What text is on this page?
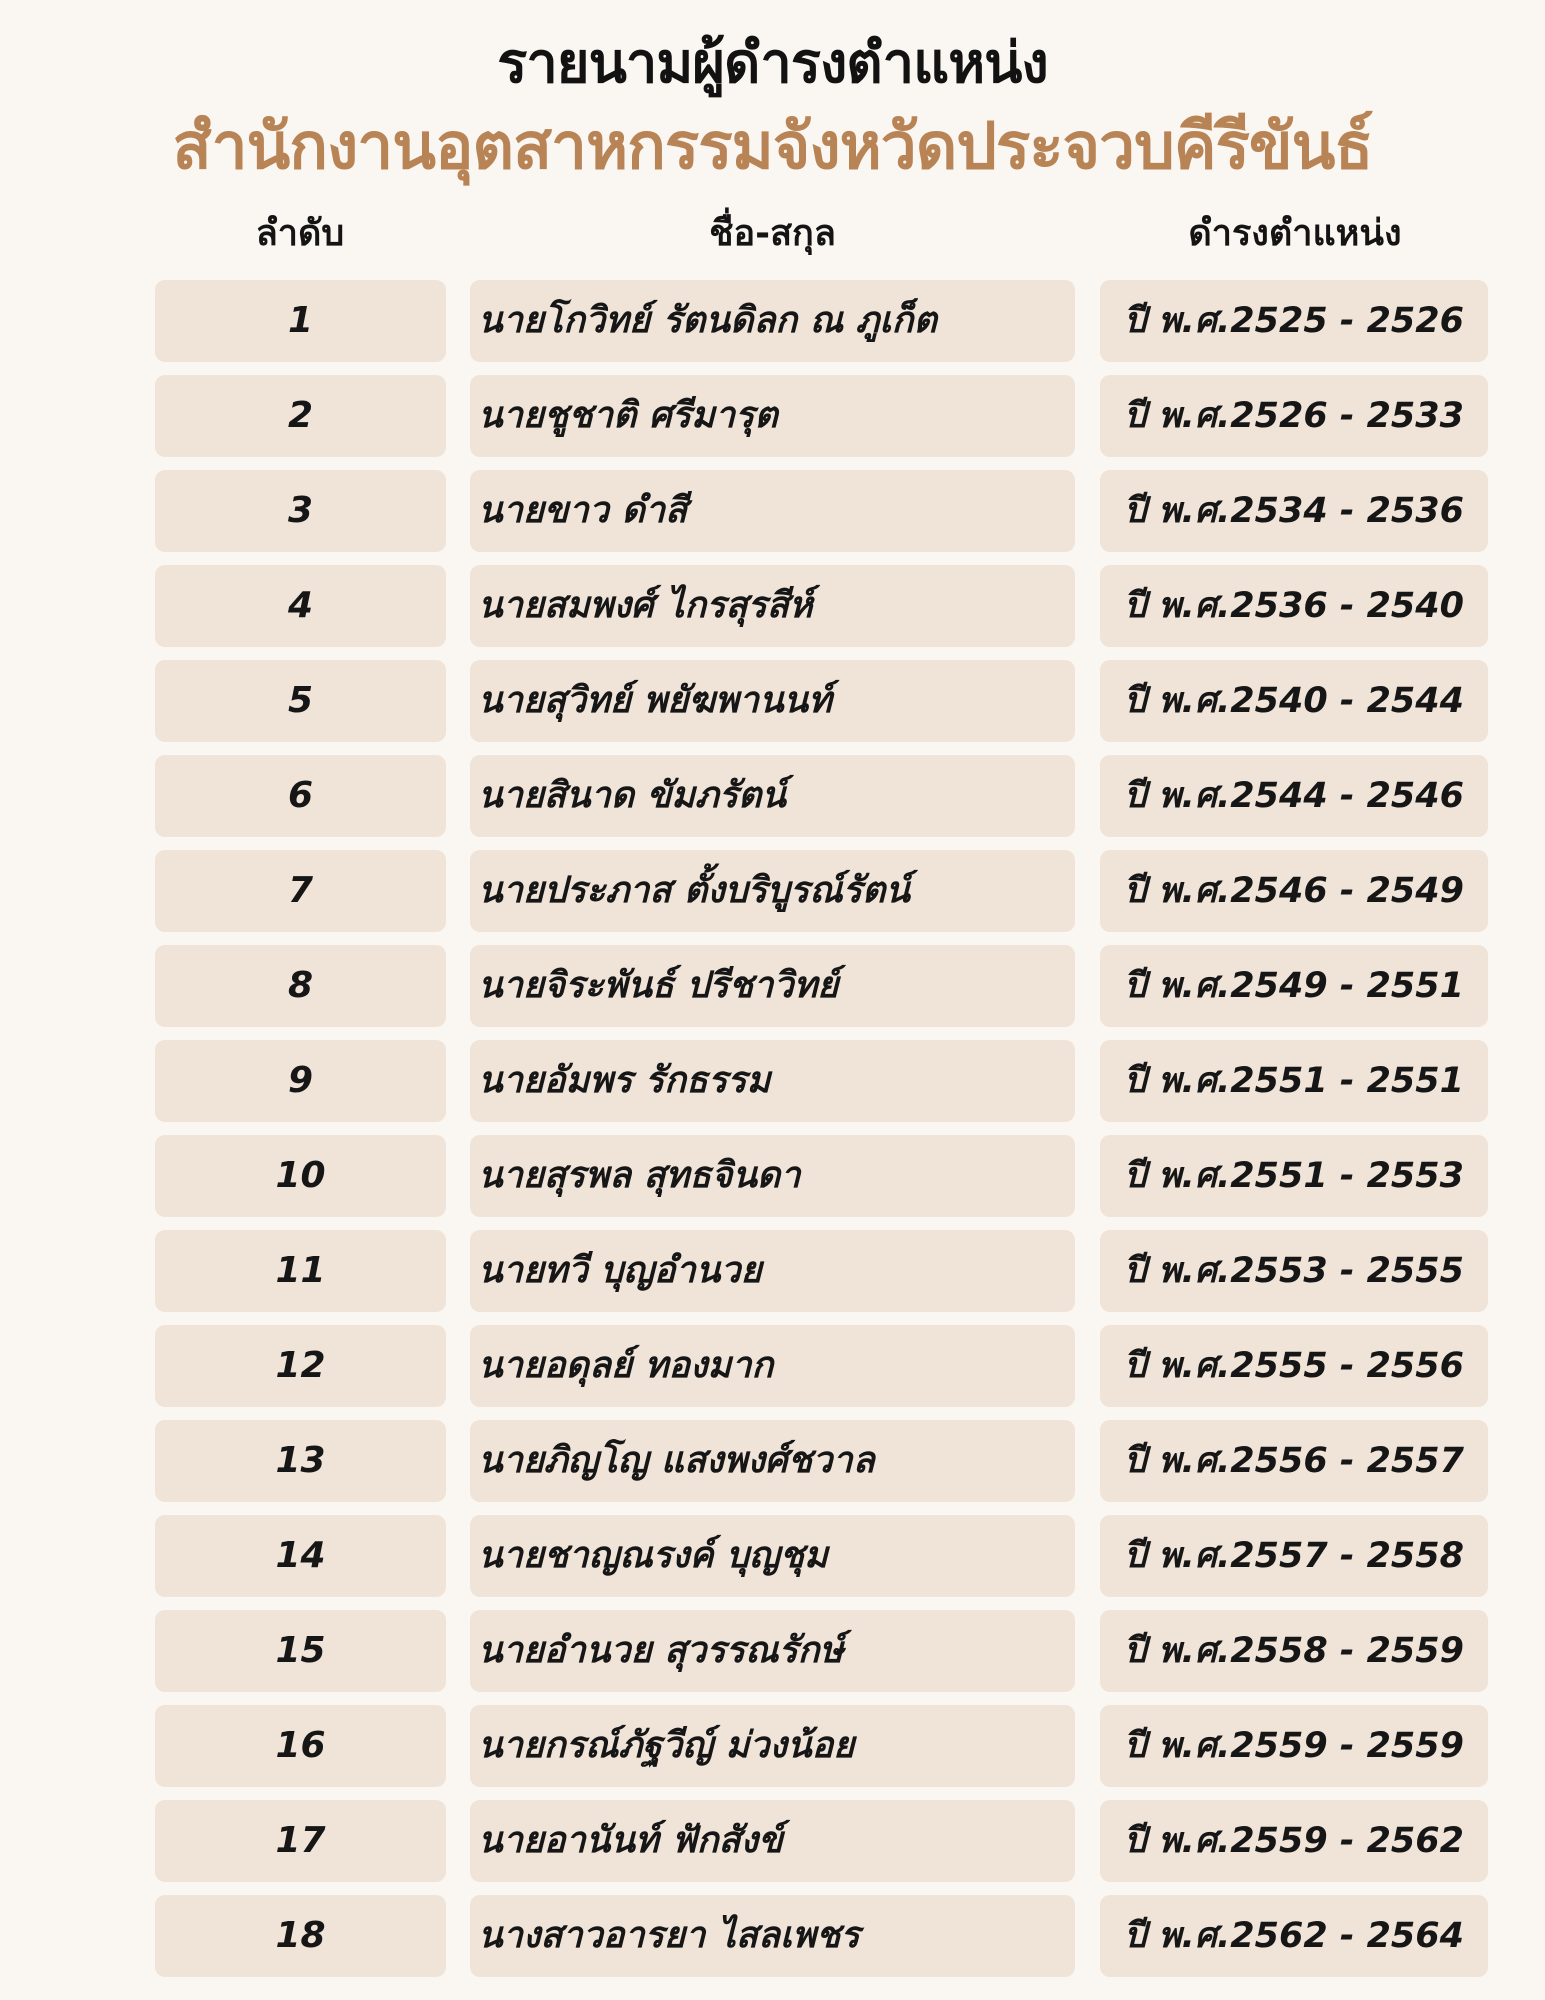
รายนามผู้ดำรงตำแหน่ง
สำนักงานอุตสาหกรรมจังหวัดประจวบคีรีขันธ์
ลำดับ	ชื่อ-สกุล	ดำรงตำแหน่ง
1	นายโกวิทย์ รัตนดิลก ณ ภูเก็ต	ปี พ.ศ.2525 - 2526
2	นายชูชาติ ศรีมารุต	ปี พ.ศ.2526 - 2533
3	นายขาว ดำสี	ปี พ.ศ.2534 - 2536
4	นายสมพงศ์ ไกรสุรสีห์	ปี พ.ศ.2536 - 2540
5	นายสุวิทย์ พยัฆพานนท์	ปี พ.ศ.2540 - 2544
6	นายสินาด ขัมภรัตน์	ปี พ.ศ.2544 - 2546
7	นายประภาส ตั้งบริบูรณ์รัตน์	ปี พ.ศ.2546 - 2549
8	นายจิระพันธ์ ปรีชาวิทย์	ปี พ.ศ.2549 - 2551
9	นายอัมพร รักธรรม	ปี พ.ศ.2551 - 2551
10	นายสุรพล สุทธจินดา	ปี พ.ศ.2551 - 2553
11	นายทวี บุญอำนวย	ปี พ.ศ.2553 - 2555
12	นายอดุลย์ ทองมาก	ปี พ.ศ.2555 - 2556
13	นายภิญโญ แสงพงศ์ชวาล	ปี พ.ศ.2556 - 2557
14	นายชาญณรงค์ บุญชุม	ปี พ.ศ.2557 - 2558
15	นายอำนวย สุวรรณรักษ์	ปี พ.ศ.2558 - 2559
16	นายกรณ์ภัฐวีญ์ ม่วงน้อย	ปี พ.ศ.2559 - 2559
17	นายอานันท์ ฟักสังข์	ปี พ.ศ.2559 - 2562
18	นางสาวอารยา ไสลเพชร	ปี พ.ศ.2562 - 2564
